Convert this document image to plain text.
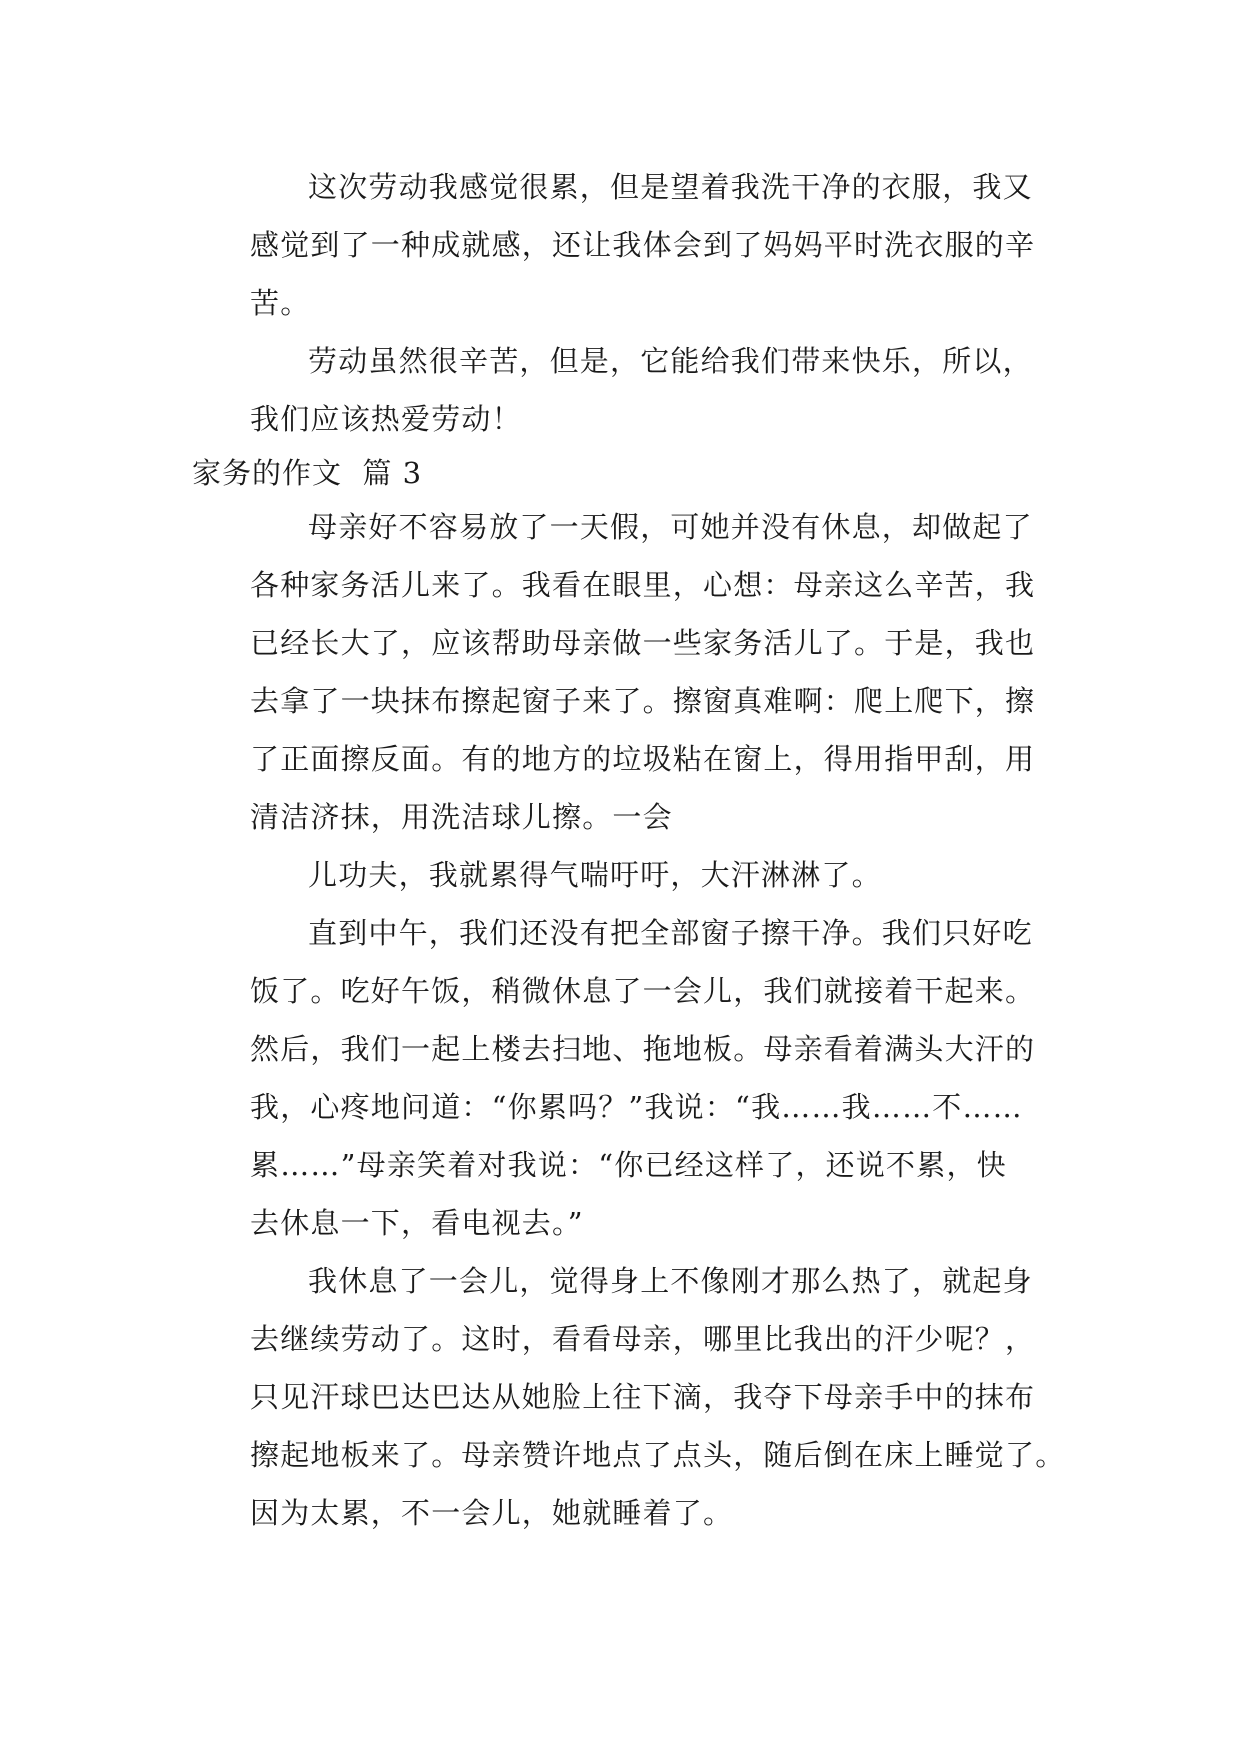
这次劳动我感觉很累，但是望着我洗干净的衣服，我又
感觉到了一种成就感，还让我体会到了妈妈平时洗衣服的辛
苦。

劳动虽然很辛苦，但是，它能给我们带来快乐，所以，
我们应该热爱劳动！

家务的作文  篇 3

母亲好不容易放了一天假，可她并没有休息，却做起了
各种家务活儿来了。我看在眼里，心想：母亲这么辛苦，我
已经长大了，应该帮助母亲做一些家务活儿了。于是，我也
去拿了一块抹布擦起窗子来了。擦窗真难啊：爬上爬下，擦
了正面擦反面。有的地方的垃圾粘在窗上，得用指甲刮，用
清洁济抹，用洗洁球儿擦。一会

儿功夫，我就累得气喘吁吁，大汗淋淋了。

直到中午，我们还没有把全部窗子擦干净。我们只好吃
饭了。吃好午饭，稍微休息了一会儿，我们就接着干起来。
然后，我们一起上楼去扫地、拖地板。母亲看着满头大汗的
我，心疼地问道：“你累吗？”我说：“我……我……不……
累……”母亲笑着对我说：“你已经这样了，还说不累，快
去休息一下，看电视去。”

我休息了一会儿，觉得身上不像刚才那么热了，就起身
去继续劳动了。这时，看看母亲，哪里比我出的汗少呢？，
只见汗球巴达巴达从她脸上往下滴，我夺下母亲手中的抹布
擦起地板来了。母亲赞许地点了点头，随后倒在床上睡觉了。
因为太累，不一会儿，她就睡着了。
